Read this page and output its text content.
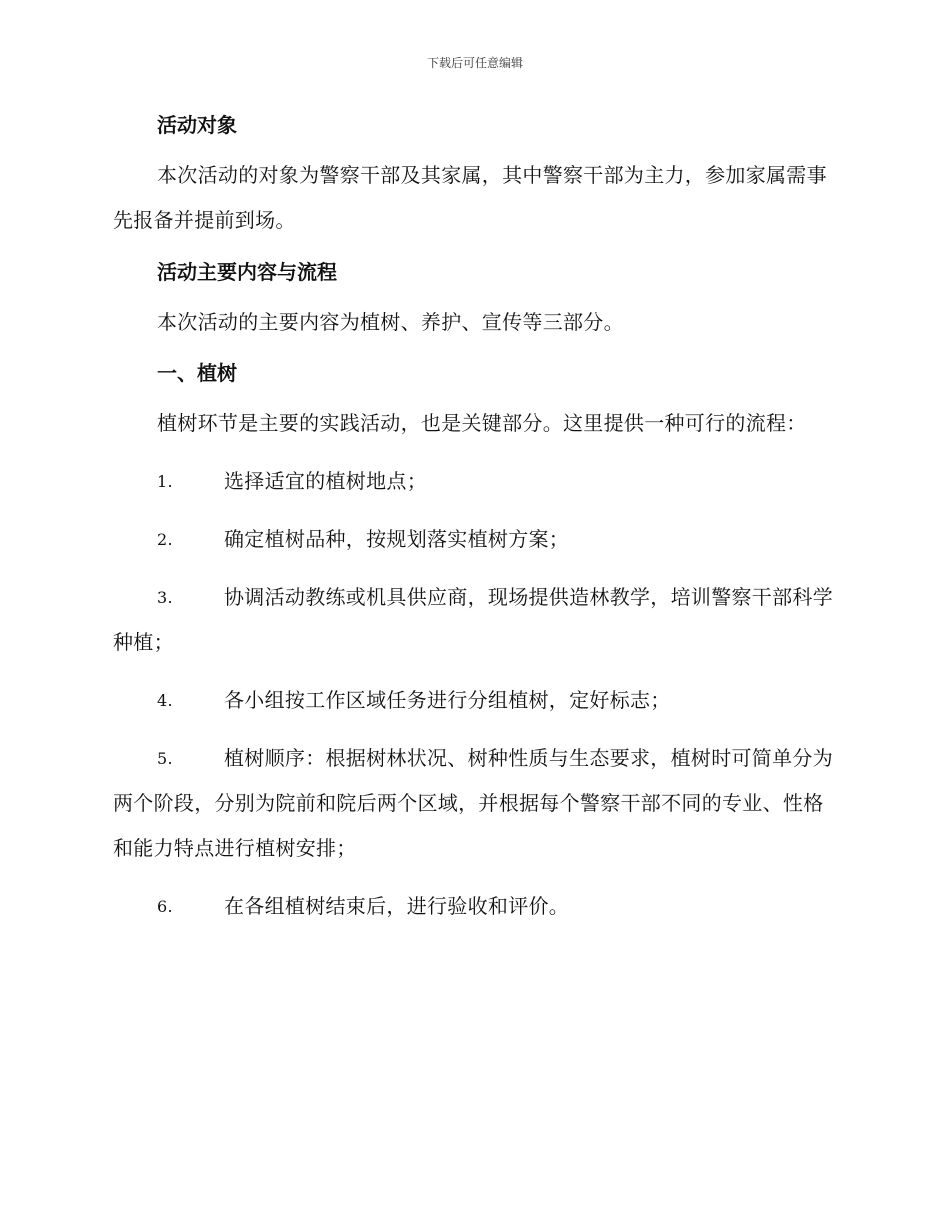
下载后可任意编辑

活动对象

本次活动的对象为警察干部及其家属，其中警察干部为主力，参加家属需事先报备并提前到场。

活动主要内容与流程

本次活动的主要内容为植树、养护、宣传等三部分。

一、植树

植树环节是主要的实践活动，也是关键部分。这里提供一种可行的流程：

1.	选择适宜的植树地点；

2.	确定植树品种，按规划落实植树方案；

3.	协调活动教练或机具供应商，现场提供造林教学，培训警察干部科学种植；

4.	各小组按工作区域任务进行分组植树，定好标志；

5.	植树顺序：根据树林状况、树种性质与生态要求，植树时可简单分为两个阶段，分别为院前和院后两个区域，并根据每个警察干部不同的专业、性格和能力特点进行植树安排；

6.	在各组植树结束后，进行验收和评价。
